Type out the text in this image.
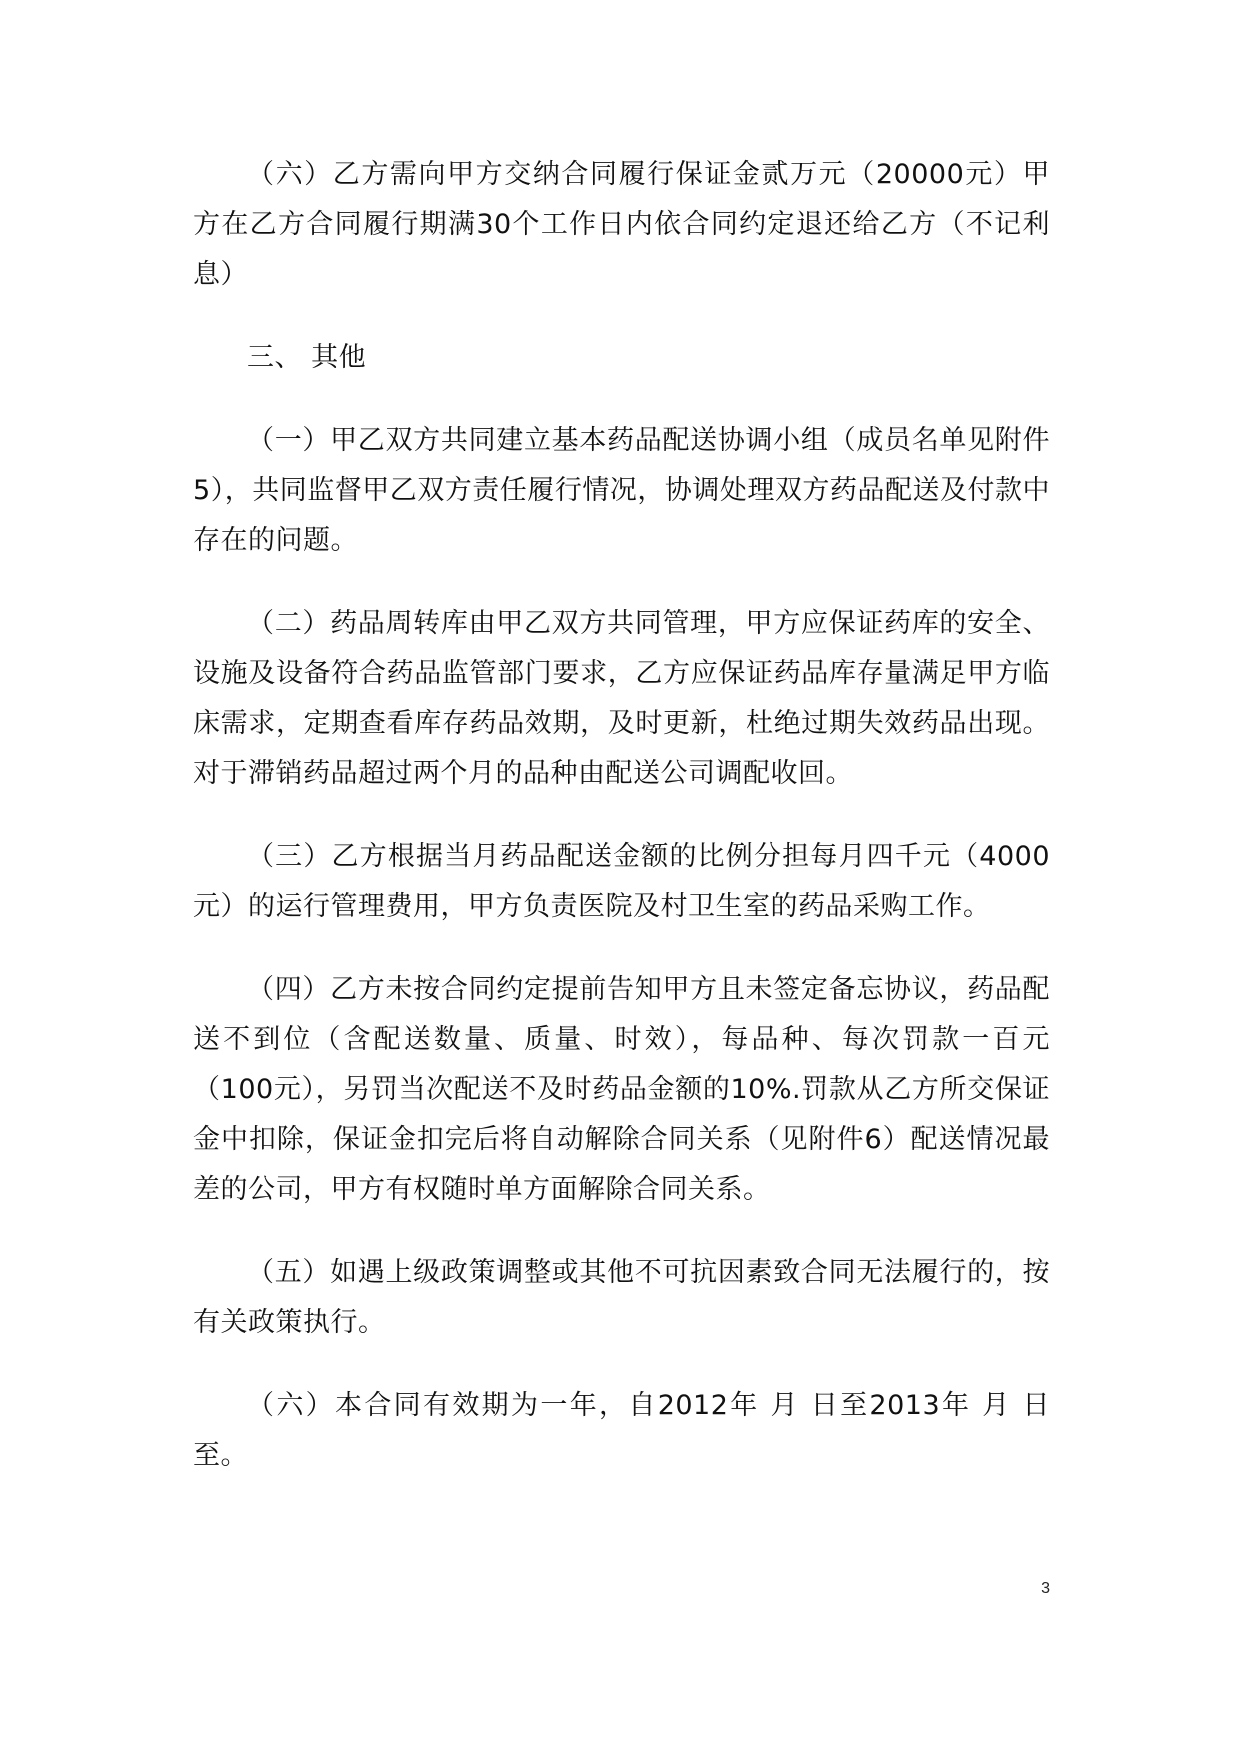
（六）乙方需向甲方交纳合同履行保证金贰万元（20000元）甲方在乙方合同履行期满30个工作日内依合同约定退还给乙方（不记利息）

三、 其他

（一）甲乙双方共同建立基本药品配送协调小组（成员名单见附件5），共同监督甲乙双方责任履行情况，协调处理双方药品配送及付款中存在的问题。

（二）药品周转库由甲乙双方共同管理，甲方应保证药库的安全、设施及设备符合药品监管部门要求，乙方应保证药品库存量满足甲方临床需求，定期查看库存药品效期，及时更新，杜绝过期失效药品出现。对于滞销药品超过两个月的品种由配送公司调配收回。

（三）乙方根据当月药品配送金额的比例分担每月四千元（4000元）的运行管理费用，甲方负责医院及村卫生室的药品采购工作。

（四）乙方未按合同约定提前告知甲方且未签定备忘协议，药品配送不到位（含配送数量、质量、时效），每品种、每次罚款一百元（100元），另罚当次配送不及时药品金额的10%.罚款从乙方所交保证金中扣除，保证金扣完后将自动解除合同关系（见附件6）配送情况最差的公司，甲方有权随时单方面解除合同关系。

（五）如遇上级政策调整或其他不可抗因素致合同无法履行的，按有关政策执行。

（六）本合同有效期为一年，自2012年 月 日至2013年 月 日至。

3
